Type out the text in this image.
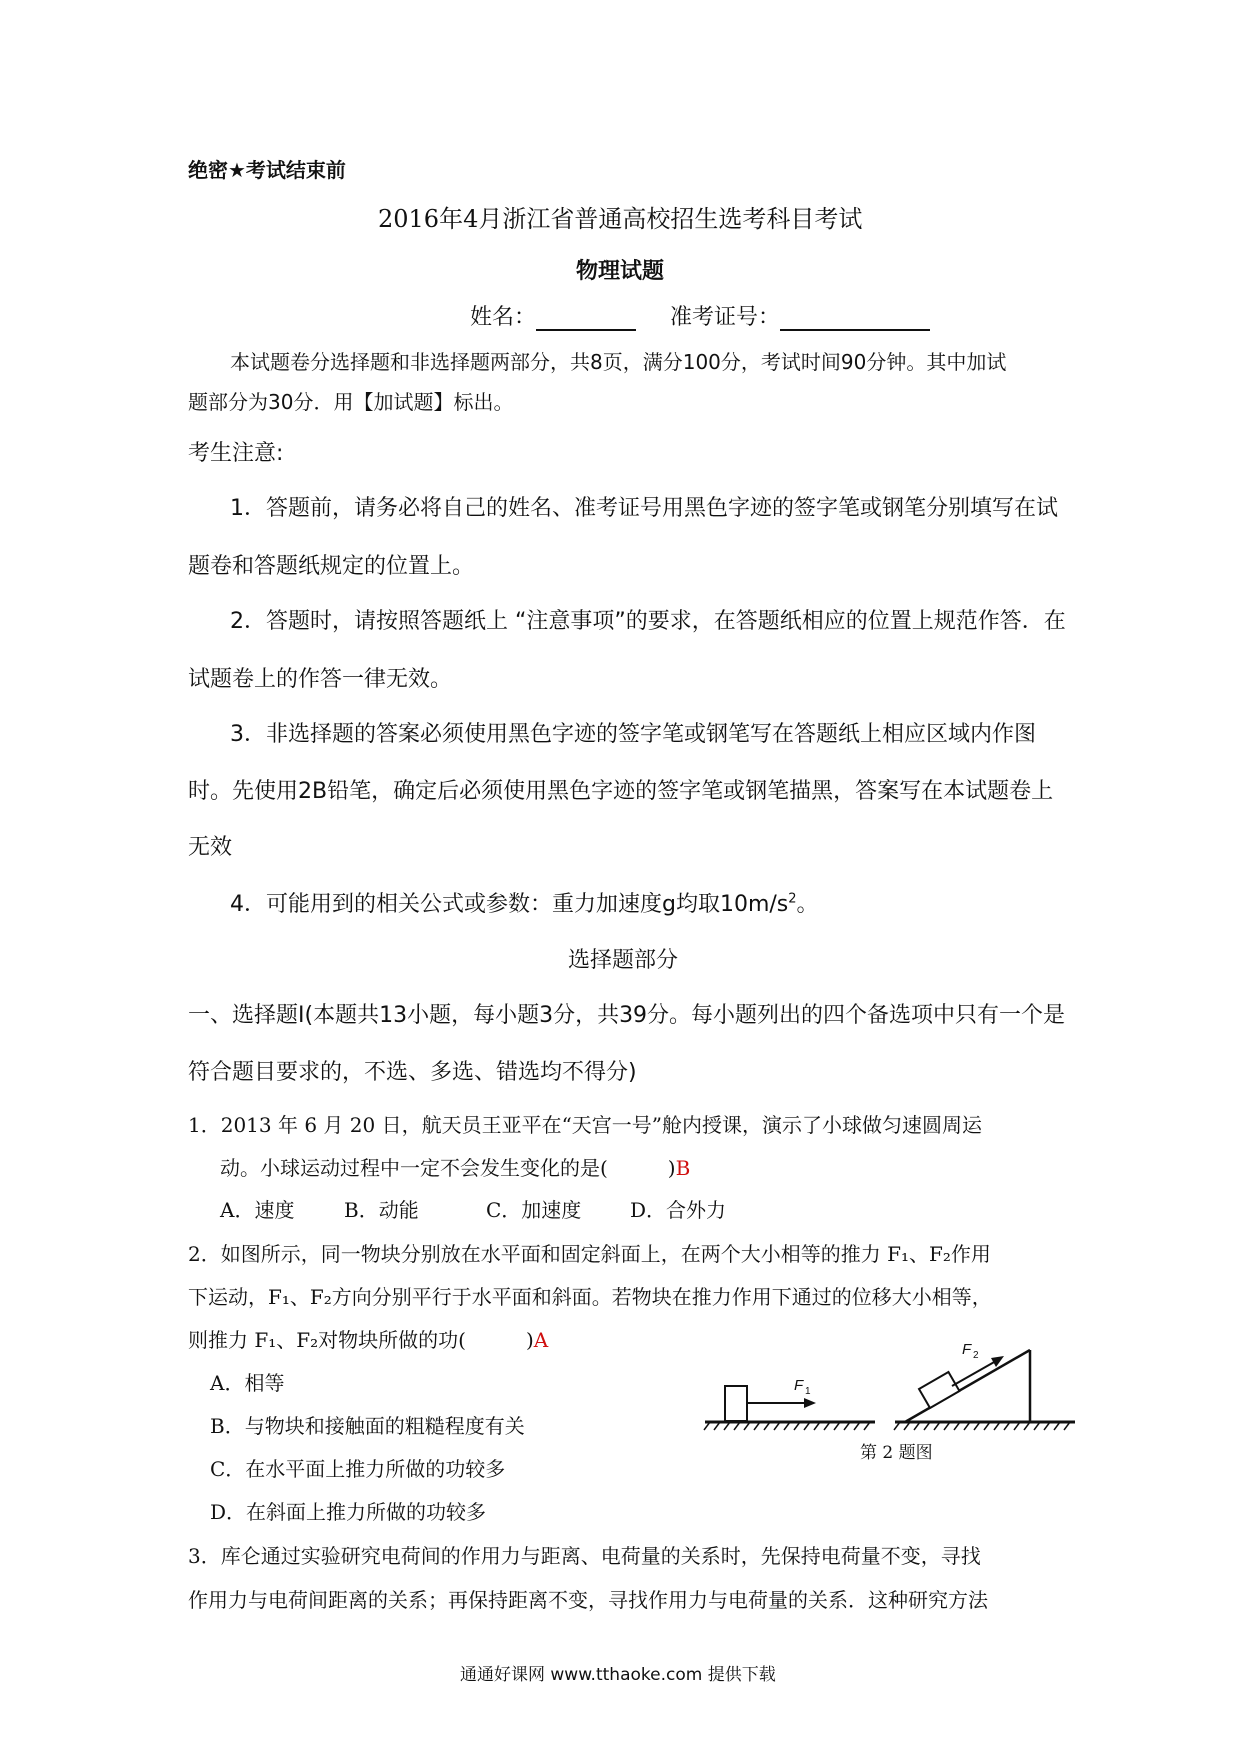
绝密★考试结束前
2016年4月浙江省普通高校招生选考科目考试
物理试题
姓名：	准考证号：
本试题卷分选择题和非选择题两部分，共8页，满分100分，考试时间90分钟。其中加试
题部分为30分．用【加试题】标出。
考生注意:
1．答题前，请务必将自己的姓名、准考证号用黑色字迹的签字笔或钢笔分别填写在试
题卷和答题纸规定的位置上。
2．答题时，请按照答题纸上 “注意事项”的要求，在答题纸相应的位置上规范作答．在
试题卷上的作答一律无效。
3．非选择题的答案必须使用黑色字迹的签字笔或钢笔写在答题纸上相应区域内作图
时。先使用2B铅笔，确定后必须使用黑色字迹的签字笔或钢笔描黑，答案写在本试题卷上
无效
4．可能用到的相关公式或参数：重力加速度g均取$10m/s^2$。
选择题部分
一、选择题I(本题共13小题，每小题3分，共39分。每小题列出的四个备选项中只有一个是
符合题目要求的，不选、多选、错选均不得分)
1．2013 年 6 月 20 日，航天员王亚平在“天宫一号”舱内授课，演示了小球做匀速圆周运
动。小球运动过程中一定不会发生变化的是(　　　)B
A．速度 B．动能	C．加速度 D．合外力
2．如图所示，同一物块分别放在水平面和固定斜面上，在两个大小相等的推力 F₁、F₂作用
下运动，F₁、F₂方向分别平行于水平面和斜面。若物块在推力作用下通过的位移大小相等，
则推力 F₁、F₂对物块所做的功(　　　)A
A．相等
B．与物块和接触面的粗糙程度有关
C．在水平面上推力所做的功较多
D．在斜面上推力所做的功较多
F 1
F 2
第 2 题图
3．库仑通过实验研究电荷间的作用力与距离、电荷量的关系时，先保持电荷量不变，寻找
作用力与电荷间距离的关系；再保持距离不变，寻找作用力与电荷量的关系．这种研究方法
通通好课网 www.tthaoke.com 提供下载
